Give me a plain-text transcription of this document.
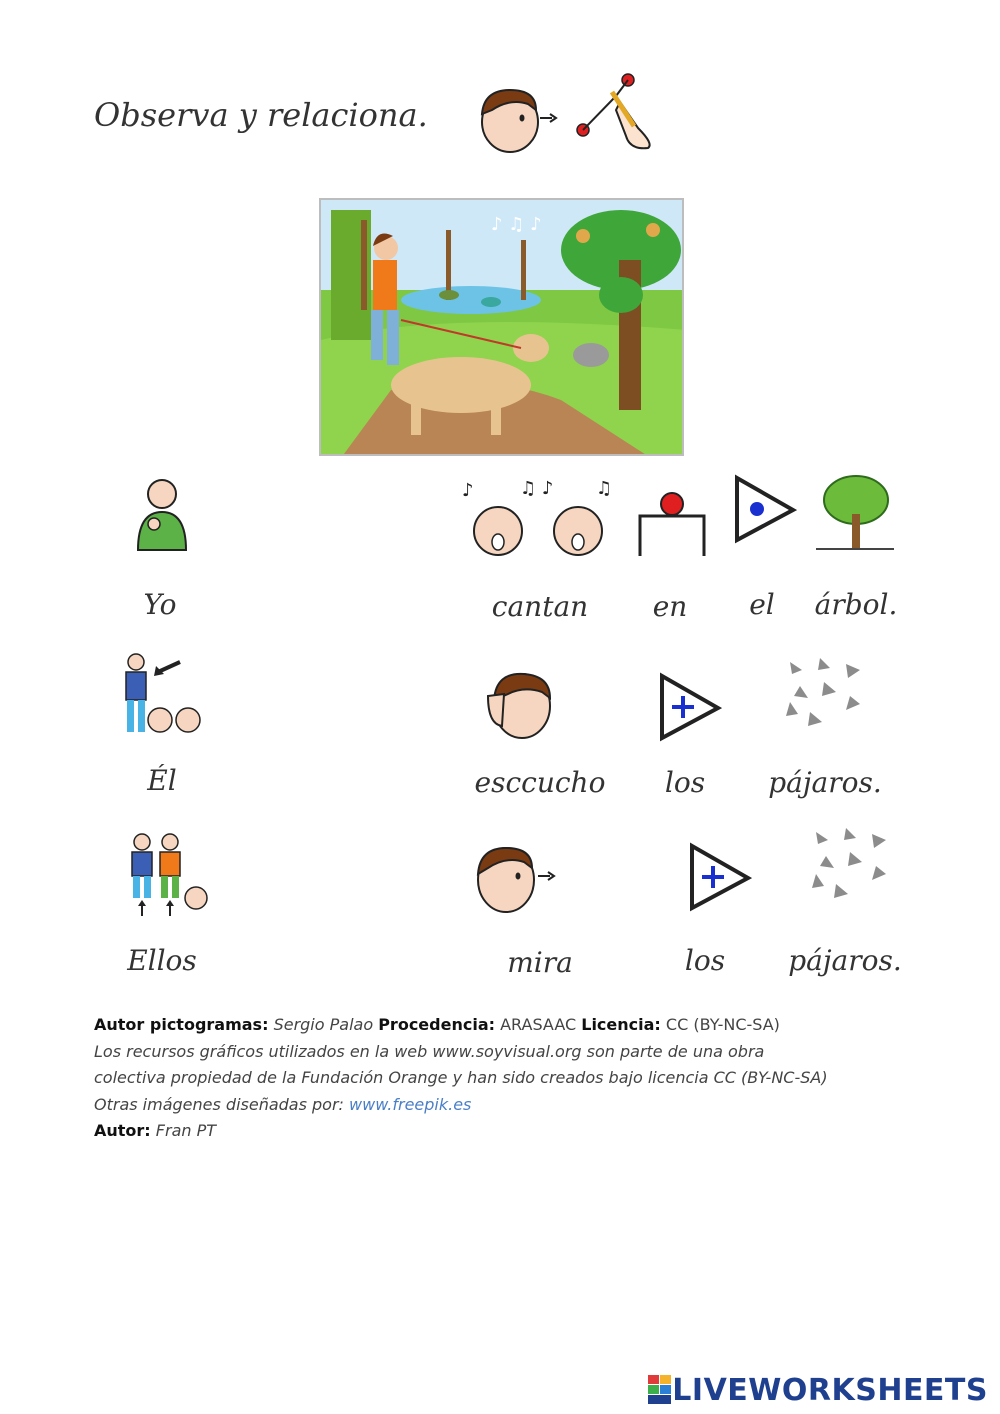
Observa y relaciona.
♪ ♫ ♪
♪	♫ ♪ ♫
Yo	cantan	en	el	árbol.
Él	esccucho	los	pájaros.
Ellos	mira	los	pájaros.
Autor pictogramas: Sergio Palao Procedencia: ARASAAC Licencia: CC (BY-NC-SA)
Los recursos gráficos utilizados en la web www.soyvisual.org son parte de una obra
colectiva propiedad de la Fundación Orange y han sido creados bajo licencia CC (BY-NC-SA)
Otras imágenes diseñadas por: www.freepik.es
Autor: Fran PT
LIVEWORKSHEETS
